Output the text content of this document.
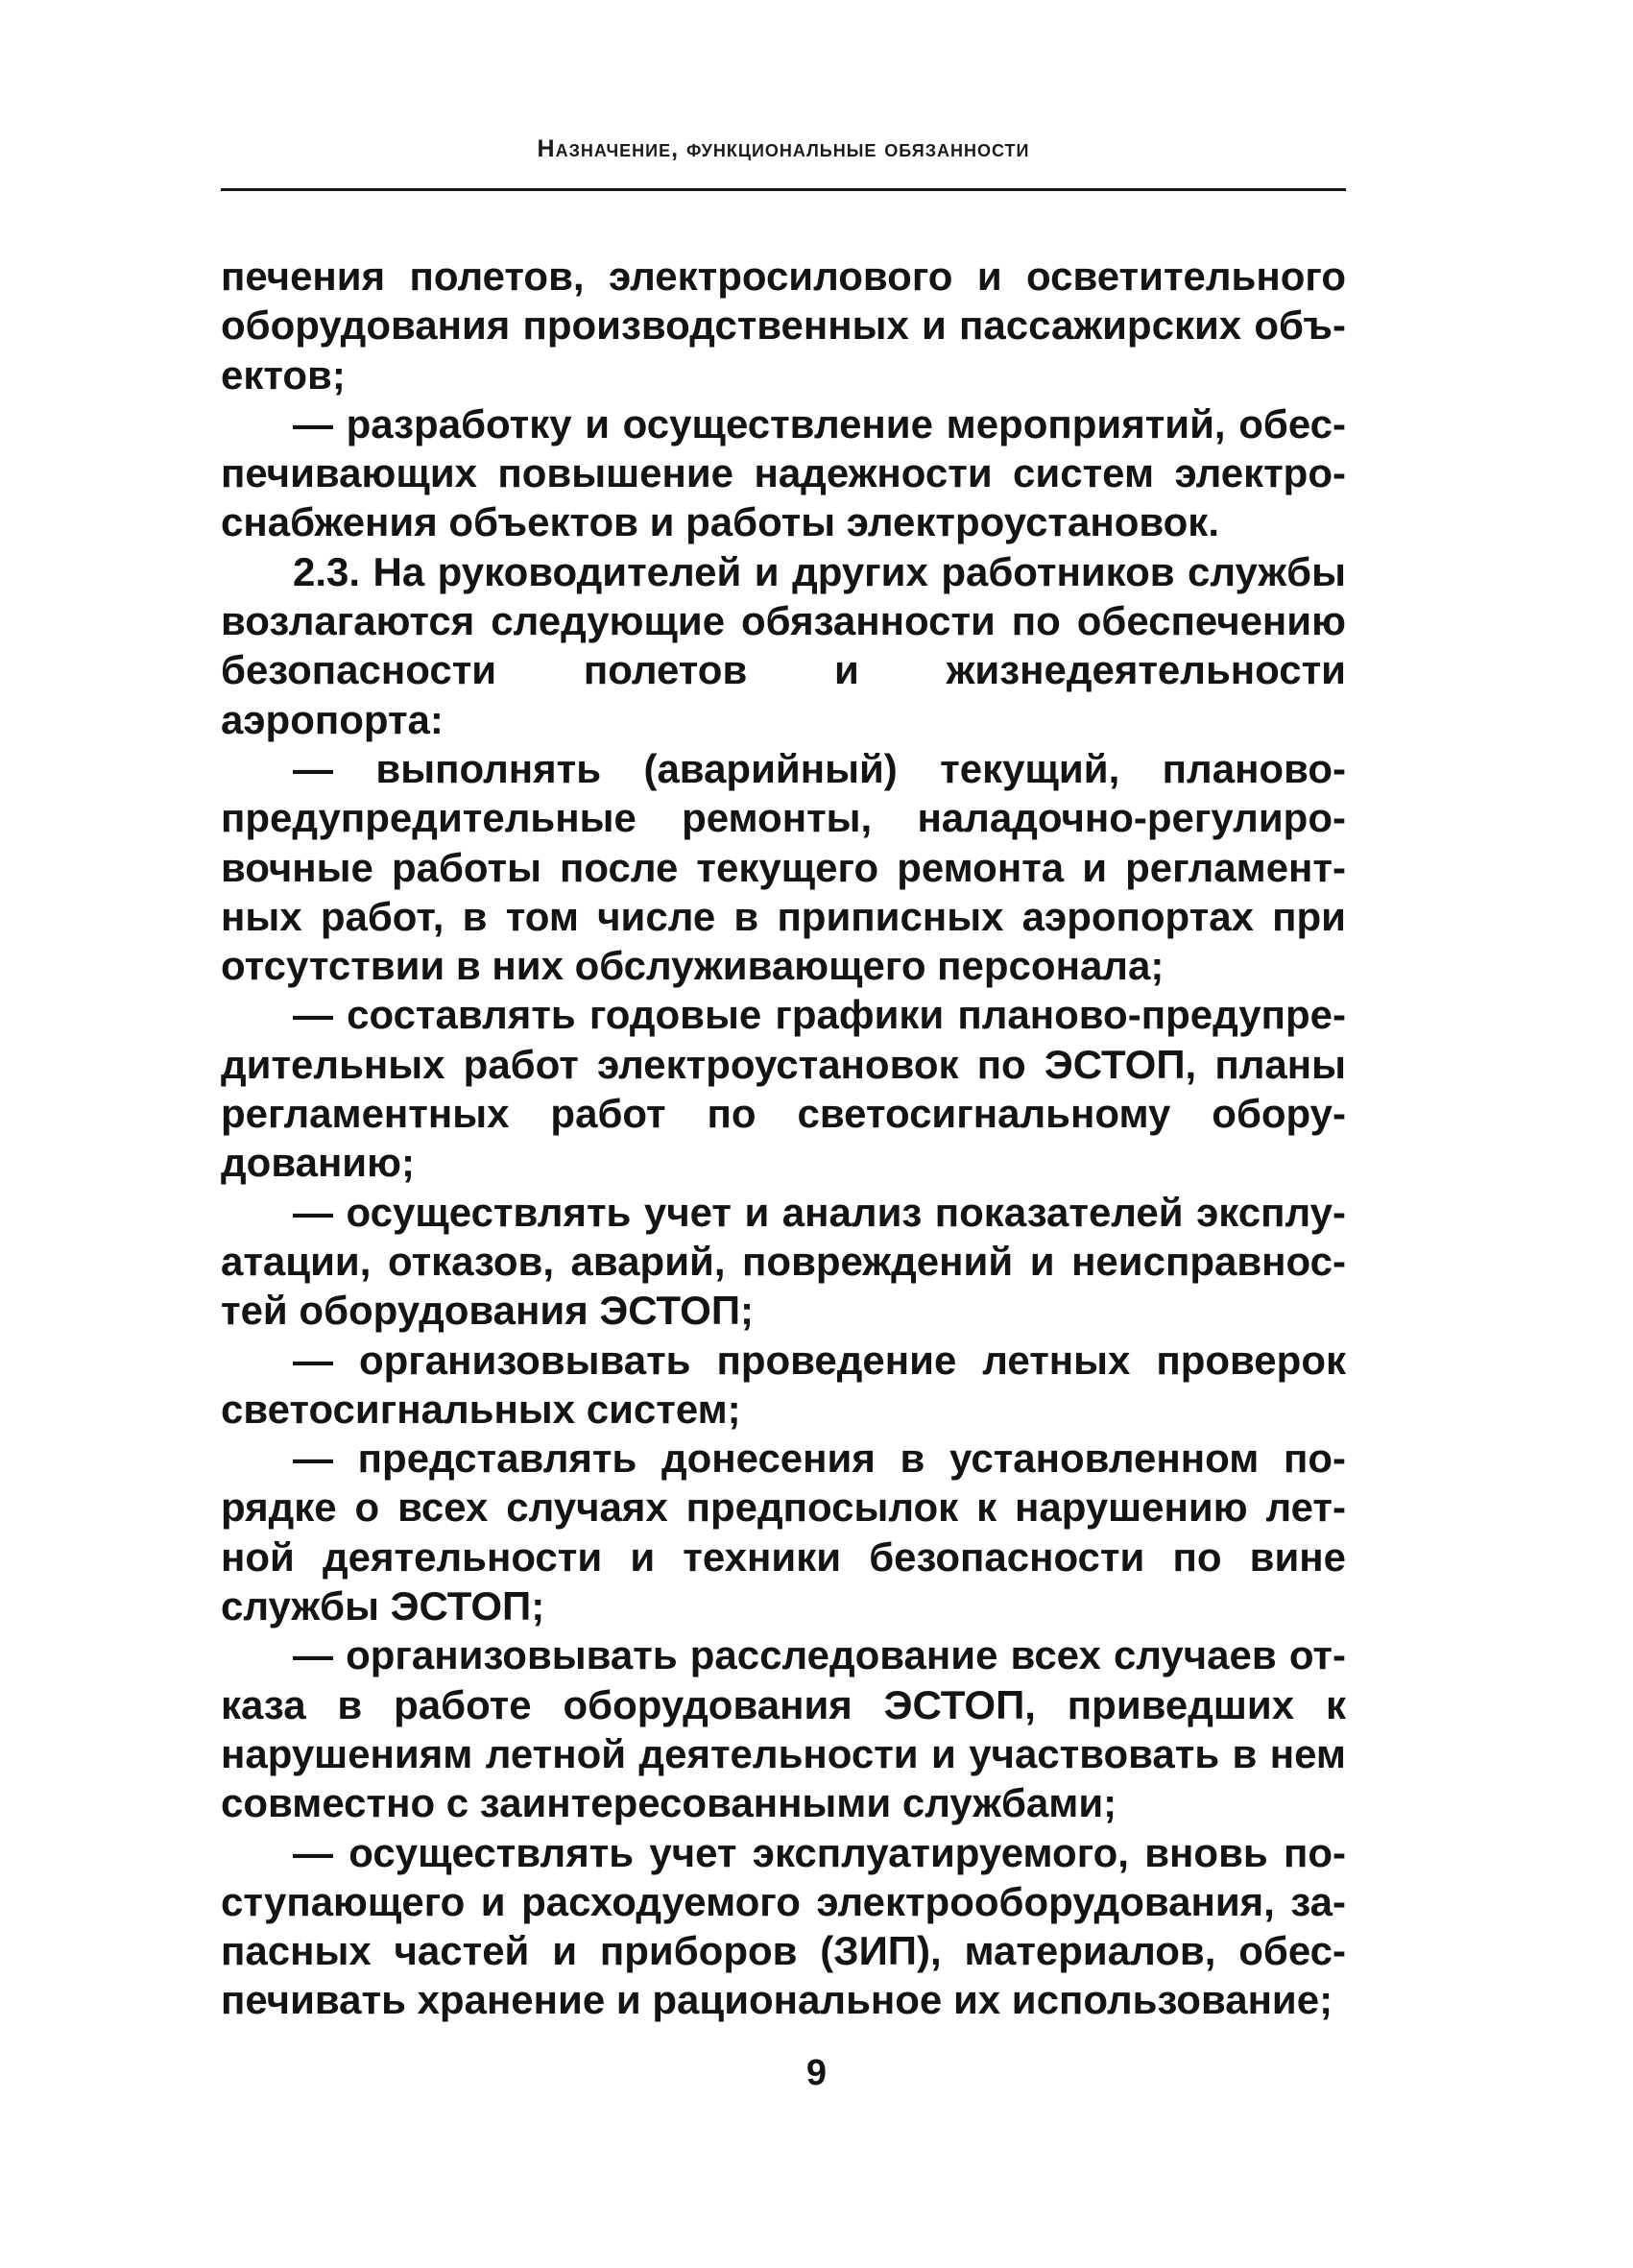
Назначение, функциональные обязанности

печения полетов, электросилового и осветительного оборудования производственных и пассажирских объектов;

— разработку и осуществление мероприятий, обеспечивающих повышение надежности систем электроснабжения объектов и работы электроустановок.

2.3. На руководителей и других работников службы возлагаются следующие обязанности по обеспечению безопасности полетов и жизнедеятельности аэропорта:

— выполнять (аварийный) текущий, планово-предупредительные ремонты, наладочно-регулировочные работы после текущего ремонта и регламентных работ, в том числе в приписных аэропортах при отсутствии в них обслуживающего персонала;

— составлять годовые графики планово-предупредительных работ электроустановок по ЭСТОП, планы регламентных работ по светосигнальному оборудованию;

— осуществлять учет и анализ показателей эксплуатации, отказов, аварий, повреждений и неисправностей оборудования ЭСТОП;

— организовывать проведение летных проверок светосигнальных систем;

— представлять донесения в установленном порядке о всех случаях предпосылок к нарушению летной деятельности и техники безопасности по вине службы ЭСТОП;

— организовывать расследование всех случаев отказа в работе оборудования ЭСТОП, приведших к нарушениям летной деятельности и участвовать в нем совместно с заинтересованными службами;

— осуществлять учет эксплуатируемого, вновь поступающего и расходуемого электрооборудования, запасных частей и приборов (ЗИП), материалов, обеспечивать хранение и рациональное их использование;

9
